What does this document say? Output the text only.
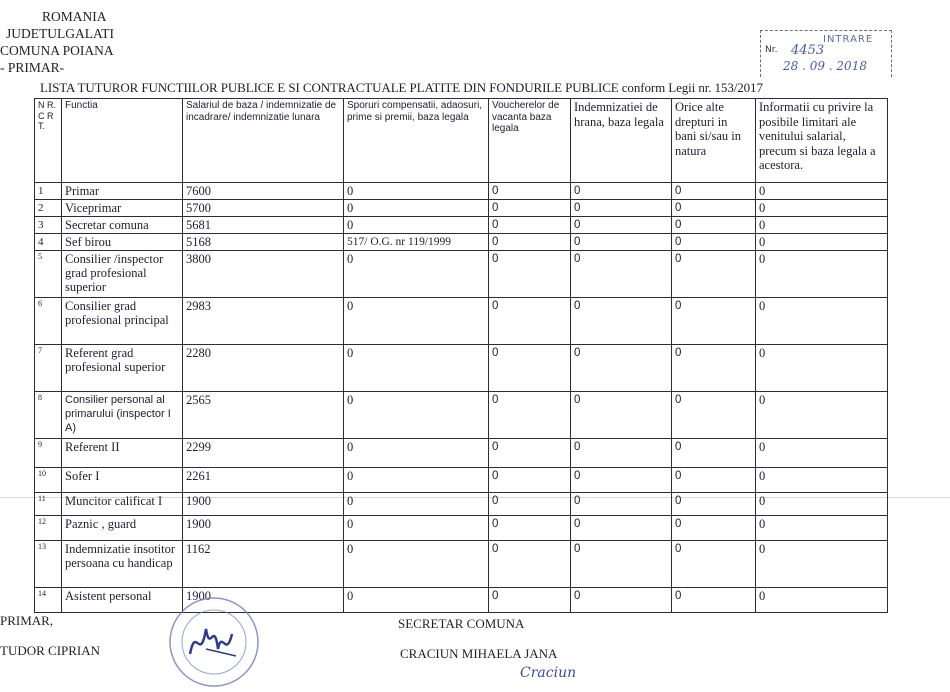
ROMANIA
JUDETULGALATI
COMUNA POIANA
- PRIMAR-
INTRARE
Nr. 4453
28 . 09 . 2018
LISTA TUTUROR FUNCTIILOR PUBLICE E SI CONTRACTUALE PLATITE DIN FONDURILE PUBLICE conform Legii nr. 153/2017
N R. C R T.	Functia	Salariul de baza / indemnizatie de incadrare/ indemnizatie lunara	Sporuri compensatii, adaosuri, prime si premii, baza legala	Voucherelor de vacanta baza legala	Indemnizatiei de hrana, baza legala	Orice alte drepturi in bani si/sau in natura	Informatii cu privire la posibile limitari ale venitului salarial, precum si baza legala a acestora.
1	Primar	7600	0	0	0	0	0
2	Viceprimar	5700	0	0	0	0	0
3	Secretar comuna	5681	0	0	0	0	0
4	Sef birou	5168	517/ O.G. nr 119/1999	0	0	0	0
5	Consilier /inspector grad profesional superior	3800	0	0	0	0	0
6	Consilier grad profesional principal	2983	0	0	0	0	0
7	Referent grad profesional superior	2280	0	0	0	0	0
8	Consilier personal al primarului (inspector I A)	2565	0	0	0	0	0
9	Referent II	2299	0	0	0	0	0
10	Sofer I	2261	0	0	0	0	0
11	Muncitor calificat I	1900	0	0	0	0	0
12	Paznic , guard	1900	0	0	0	0	0
13	Indemnizatie insotitor persoana cu handicap	1162	0	0	0	0	0
14	Asistent personal	1900	0	0	0	0	0
PRIMAR,
TUDOR CIPRIAN
SECRETAR COMUNA
CRACIUN MIHAELA JANA
Craciun
